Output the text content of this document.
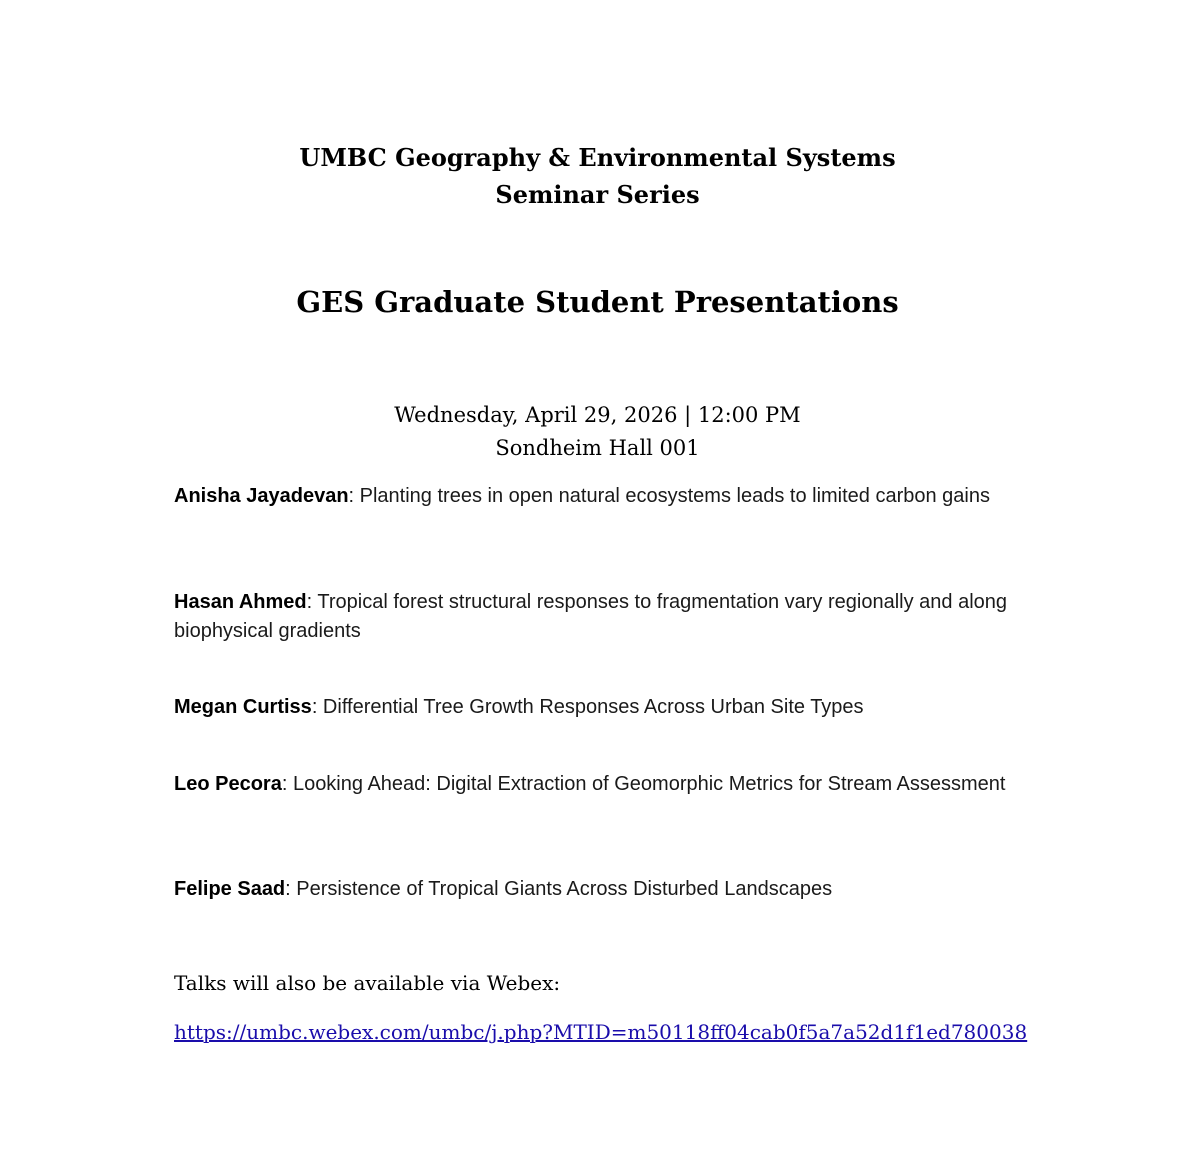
UMBC Geography & Environmental Systems
Seminar Series
GES Graduate Student Presentations
Wednesday, April 29, 2026 | 12:00 PM
Sondheim Hall 001

Anisha Jayadevan: Planting trees in open natural ecosystems leads to limited carbon gains

Hasan Ahmed: Tropical forest structural responses to fragmentation vary regionally and along biophysical gradients

Megan Curtiss: Differential Tree Growth Responses Across Urban Site Types

Leo Pecora: Looking Ahead: Digital Extraction of Geomorphic Metrics for Stream Assessment

Felipe Saad: Persistence of Tropical Giants Across Disturbed Landscapes

Talks will also be available via Webex:
https://umbc.webex.com/umbc/j.php?MTID=m50118ff04cab0f5a7a52d1f1ed780038
